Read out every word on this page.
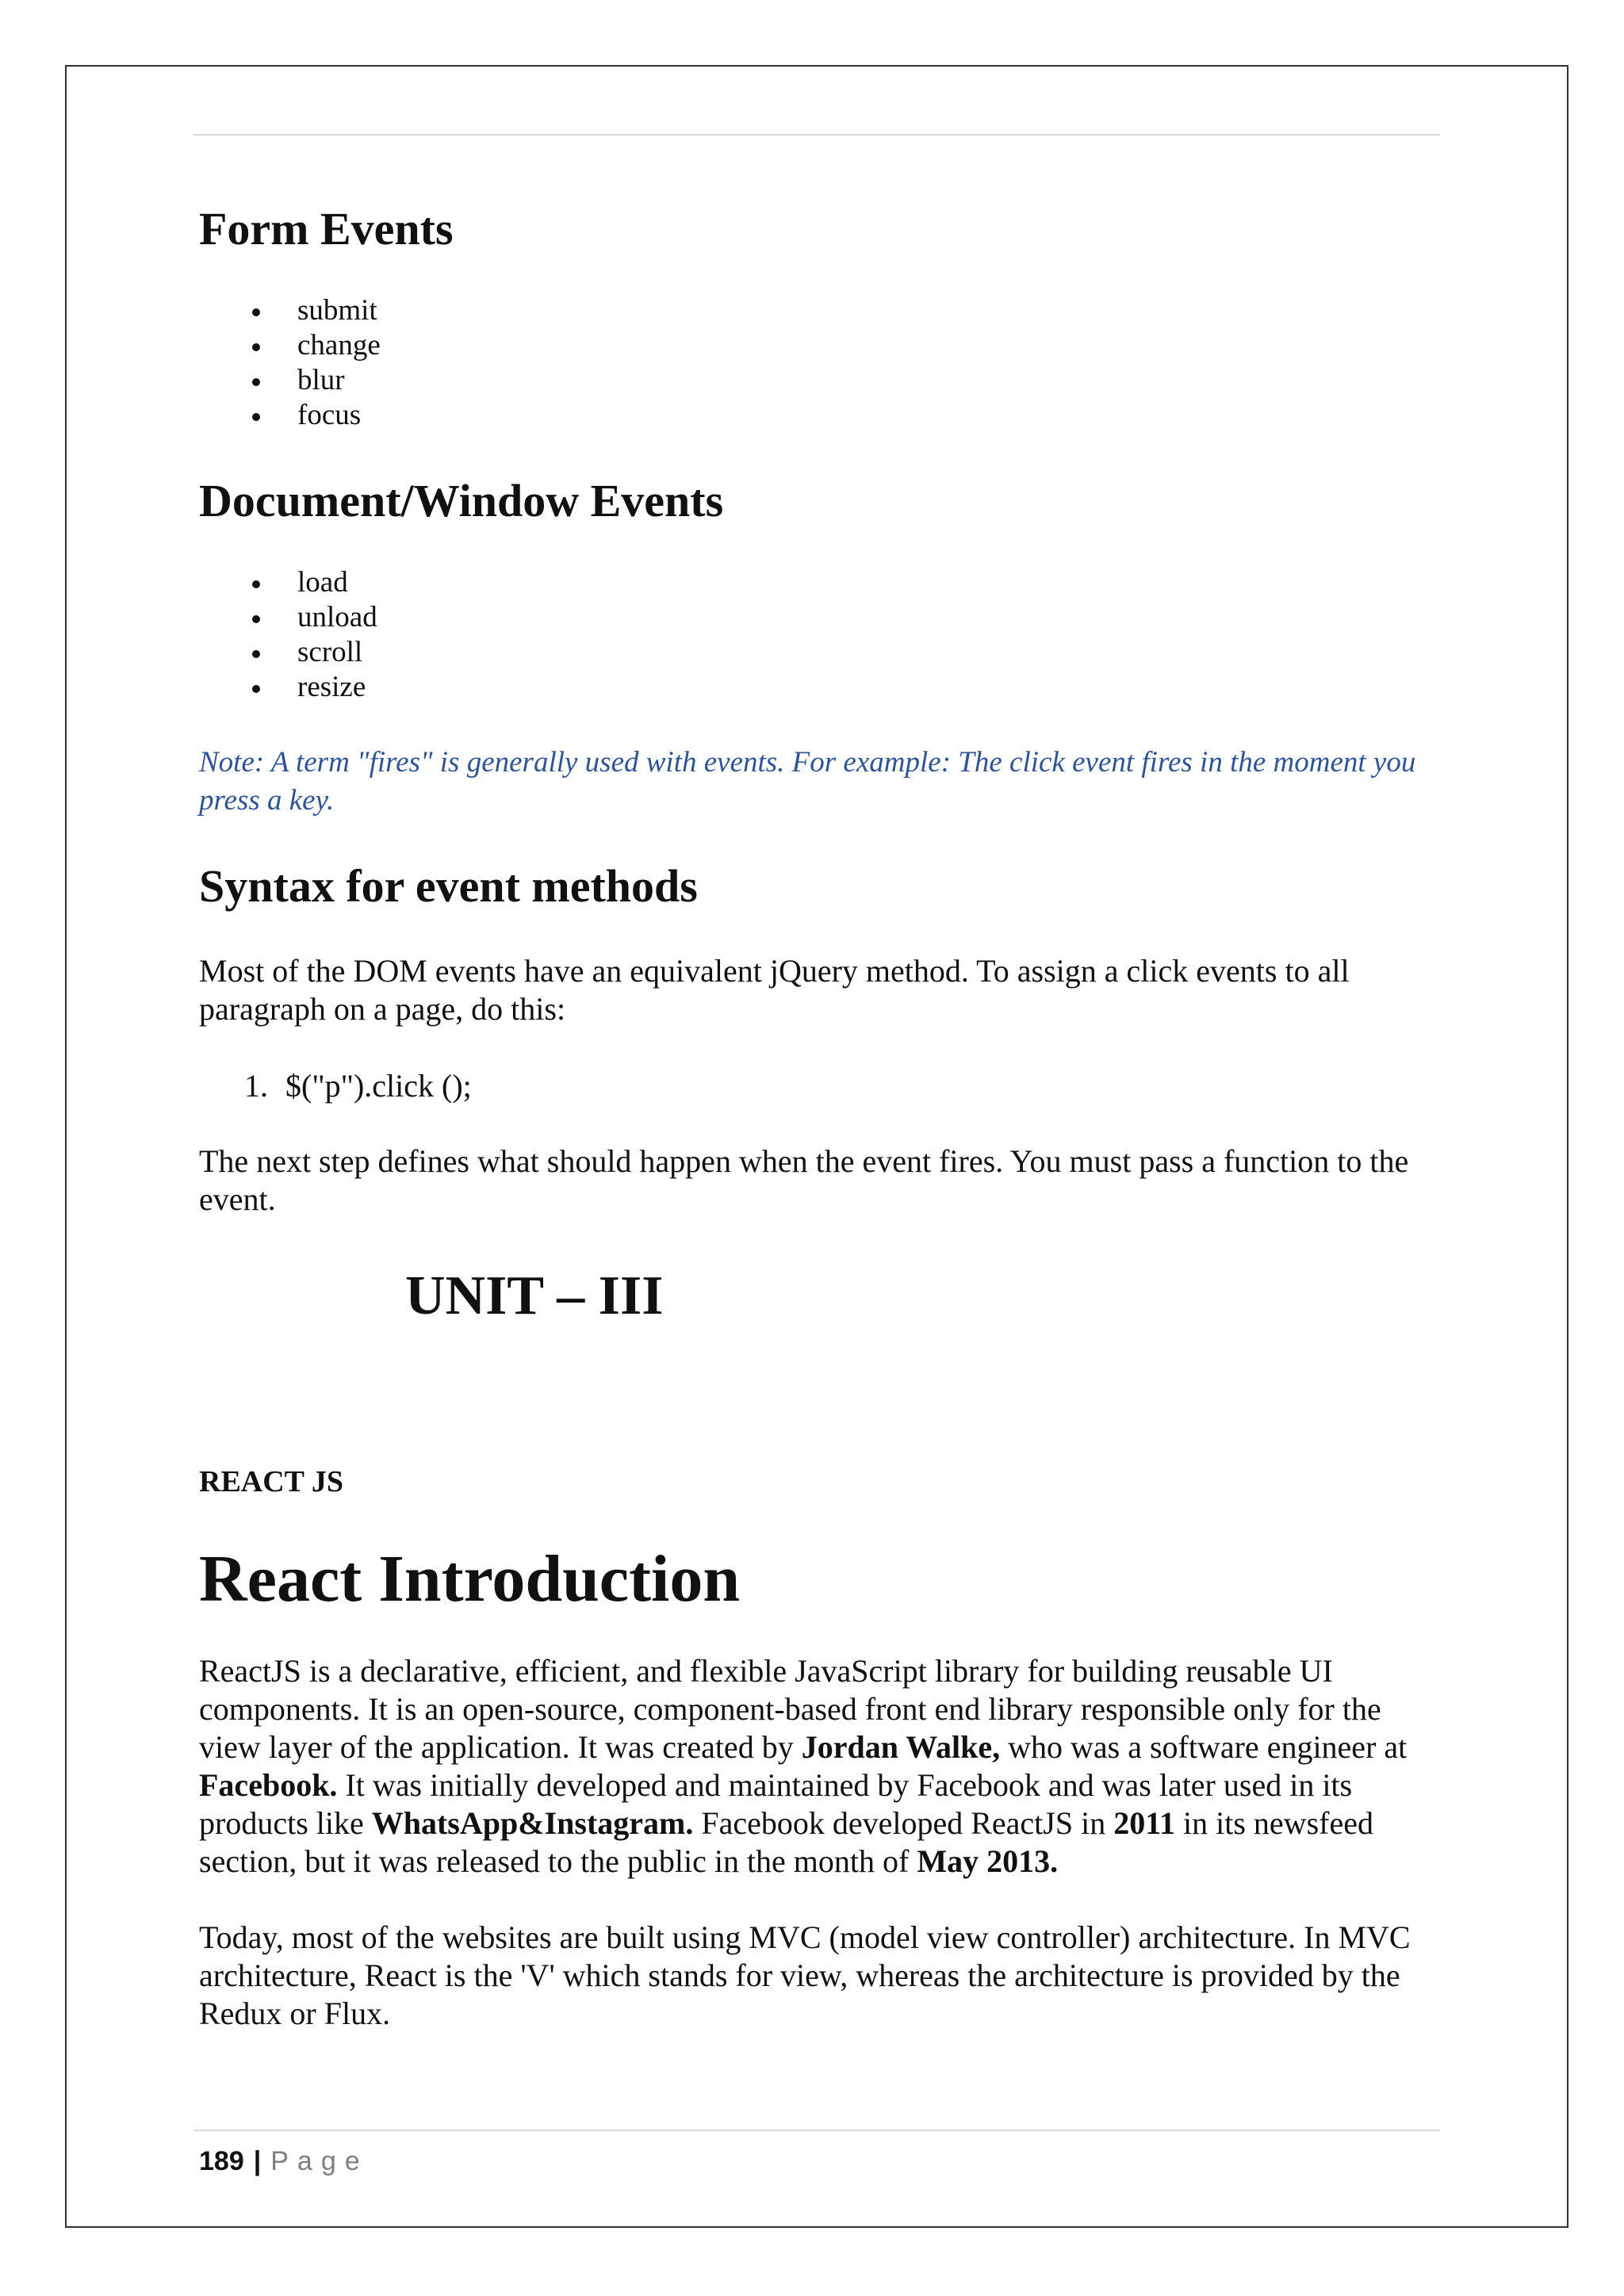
Form Events
submit
change
blur
focus
Document/Window Events
load
unload
scroll
resize

Note: A term "fires" is generally used with events. For example: The click event fires in the moment you press a key.

Syntax for event methods

Most of the DOM events have an equivalent jQuery method. To assign a click events to all paragraph on a page, do this:

1. $("p").click ();

The next step defines what should happen when the event fires. You must pass a function to the event.

UNIT – III
REACT JS
React Introduction

ReactJS is a declarative, efficient, and flexible JavaScript library for building reusable UI components. It is an open-source, component-based front end library responsible only for the view layer of the application. It was created by Jordan Walke, who was a software engineer at Facebook. It was initially developed and maintained by Facebook and was later used in its products like WhatsApp&Instagram. Facebook developed ReactJS in 2011 in its newsfeed section, but it was released to the public in the month of May 2013.

Today, most of the websites are built using MVC (model view controller) architecture. In MVC architecture, React is the 'V' which stands for view, whereas the architecture is provided by the Redux or Flux.

189 | Page
